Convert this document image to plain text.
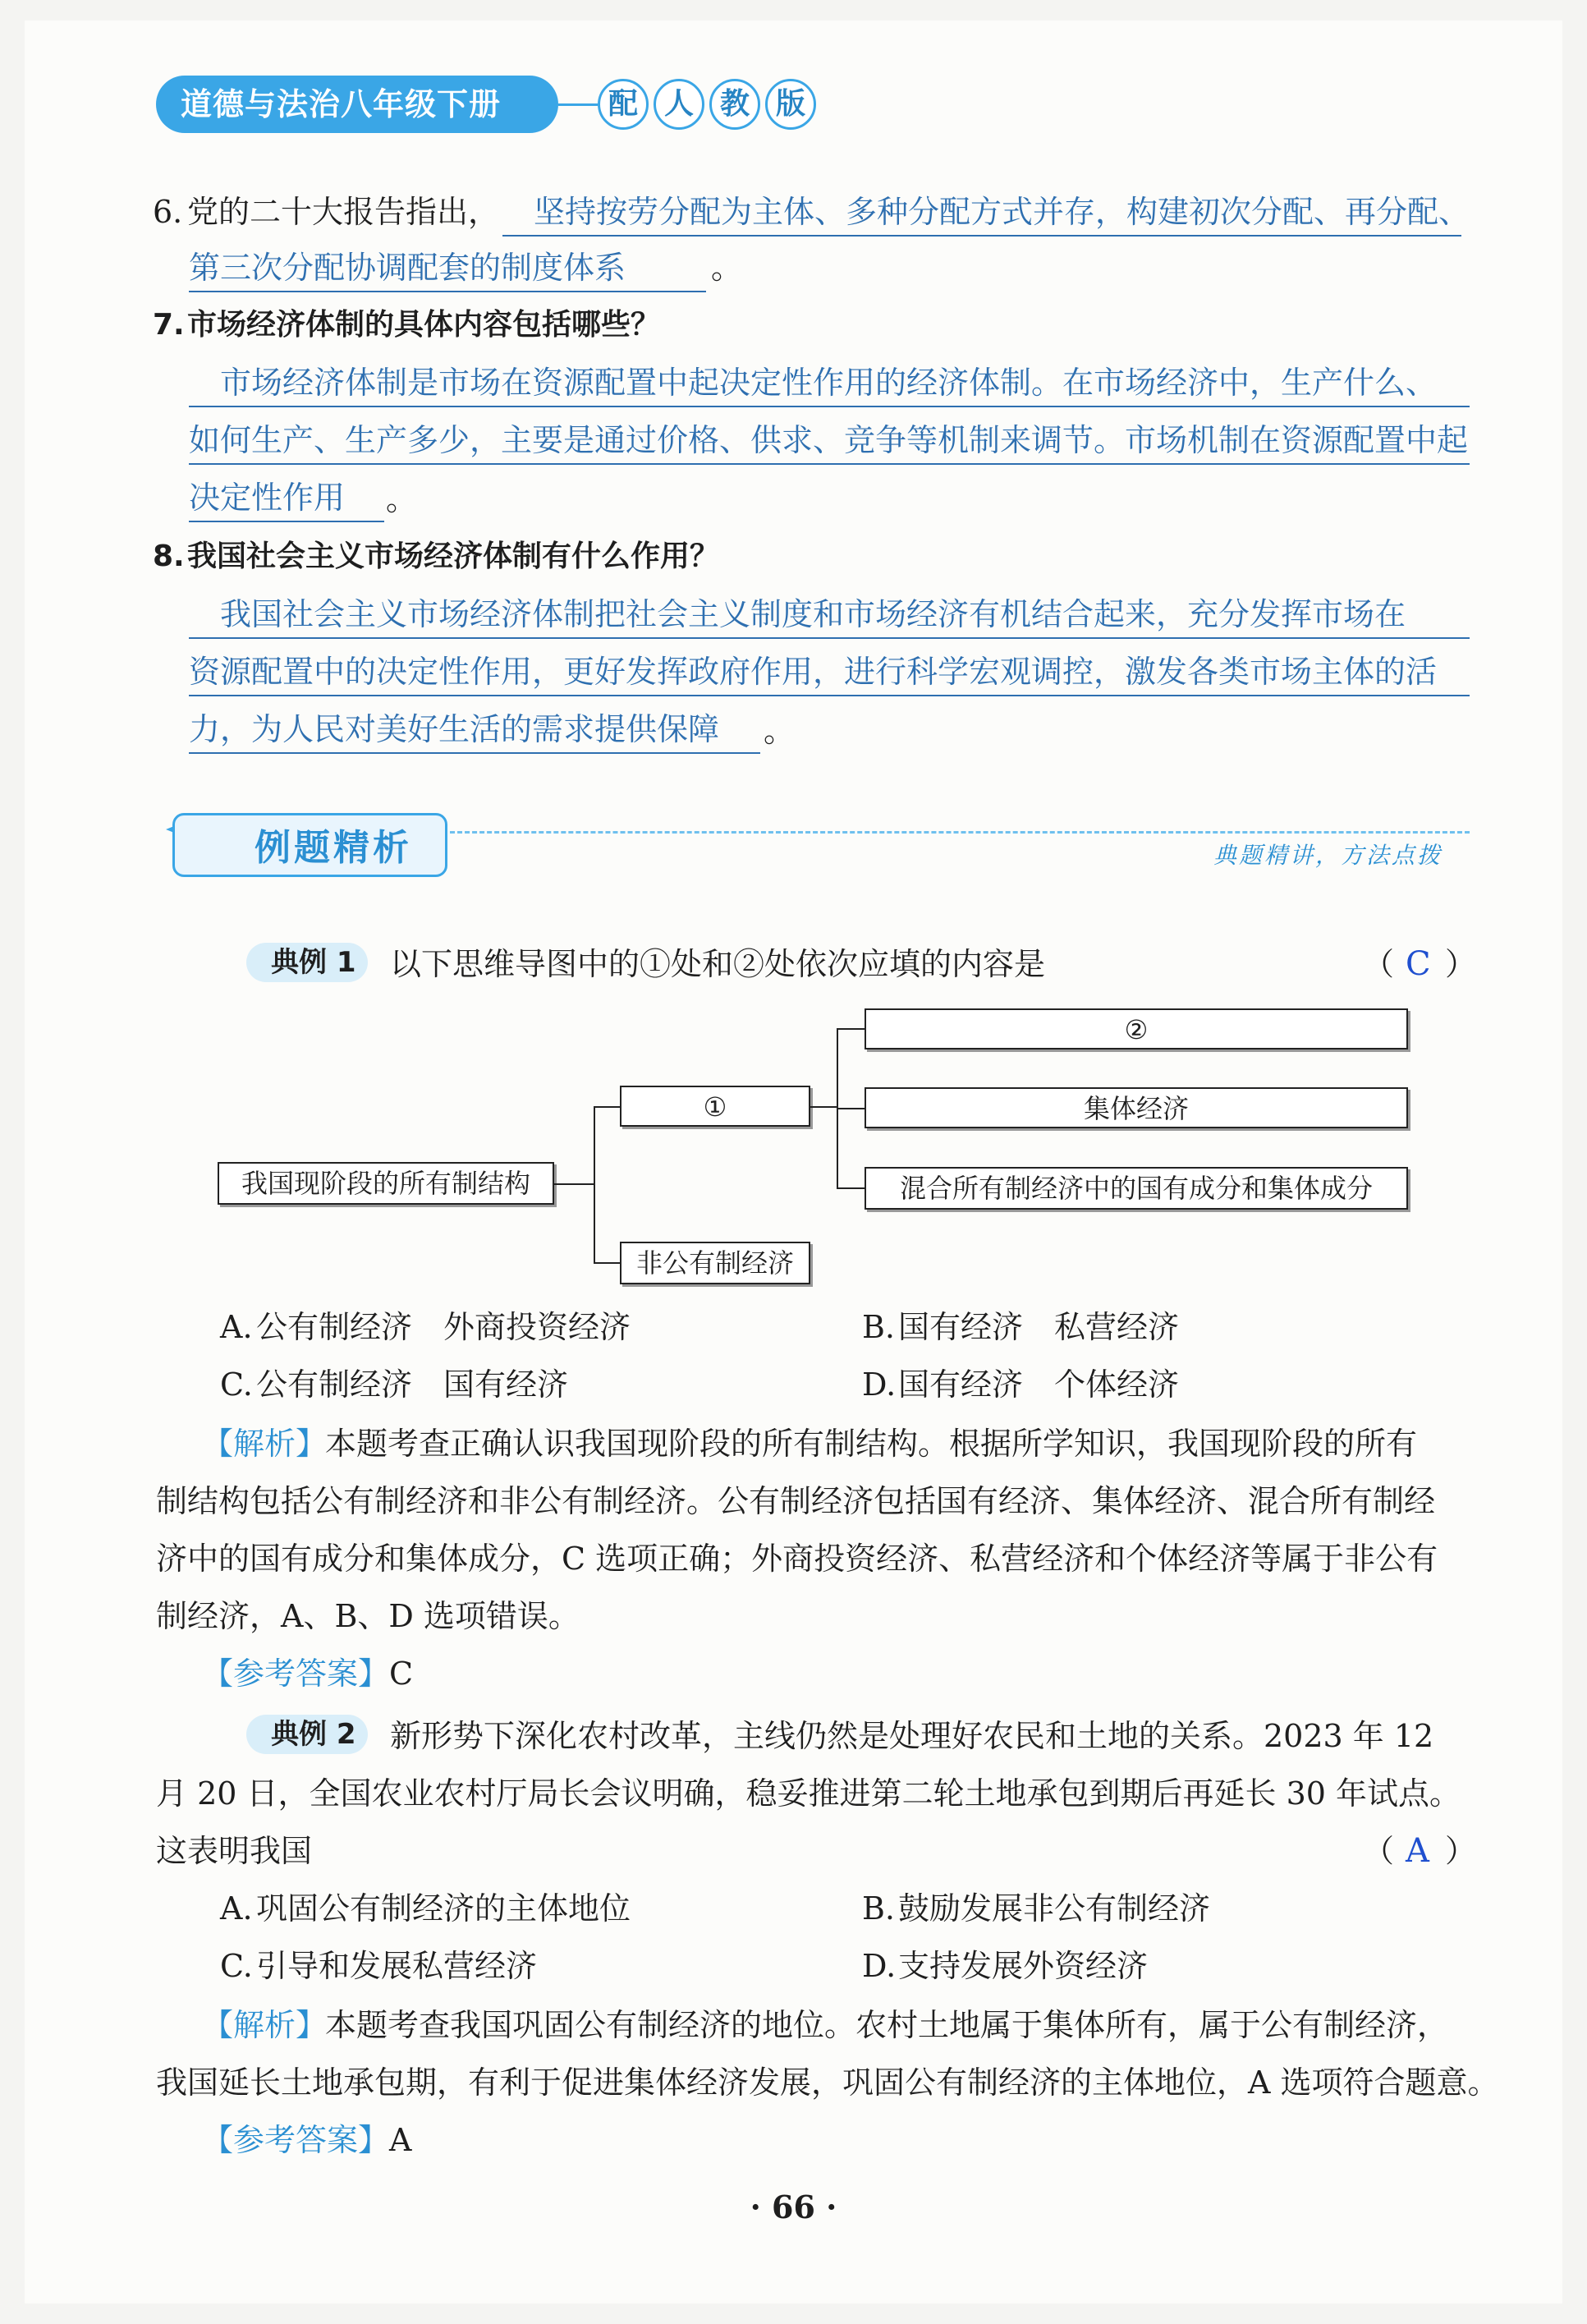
道德与法治八年级下册	配 人 教 版
6. 党的二十大报告指出， 坚持按劳分配为主体、多种分配方式并存，构建初次分配、再分配、
第三次分配协调配套的制度体系	。
7. 市场经济体制的具体内容包括哪些？
市场经济体制是市场在资源配置中起决定性作用的经济体制。在市场经济中，生产什么、
如何生产、生产多少，主要是通过价格、供求、竞争等机制来调节。市场机制在资源配置中起
决定性作用 。
8. 我国社会主义市场经济体制有什么作用？
我国社会主义市场经济体制把社会主义制度和市场经济有机结合起来，充分发挥市场在
资源配置中的决定性作用，更好发挥政府作用，进行科学宏观调控，激发各类市场主体的活
力，为人民对美好生活的需求提供保障 。
例题精析	典题精讲，方法点拨
典例 1	以下思维导图中的①处和②处依次应填的内容是	（ C ）
我国现阶段的所有制结构
①
非公有制经济
②
集体经济
混合所有制经济中的国有成分和集体成分
A. 公有制经济　外商投资经济	B. 国有经济　私营经济
C. 公有制经济　国有经济	D. 国有经济　个体经济
【解析】
本题考查正确认识我国现阶段的所有制结构。根据所学知识，我国现阶段的所有
制结构包括公有制经济和非公有制经济。公有制经济包括国有经济、集体经济、混合所有制经
济中的国有成分和集体成分，C 选项正确；外商投资经济、私营经济和个体经济等属于非公有
制经济，A、B、D 选项错误。
【参考答案】 C
典例 2	新形势下深化农村改革，主线仍然是处理好农民和土地的关系。2023 年 12
月 20 日，全国农业农村厅局长会议明确，稳妥推进第二轮土地承包到期后再延长 30 年试点。
这表明我国	（ A ）
A. 巩固公有制经济的主体地位	B. 鼓励发展非公有制经济
C. 引导和发展私营经济	D. 支持发展外资经济
【解析】
本题考查我国巩固公有制经济的地位。农村土地属于集体所有，属于公有制经济，
我国延长土地承包期，有利于促进集体经济发展，巩固公有制经济的主体地位，A 选项符合题意。
【参考答案】 A
· 66 ·
